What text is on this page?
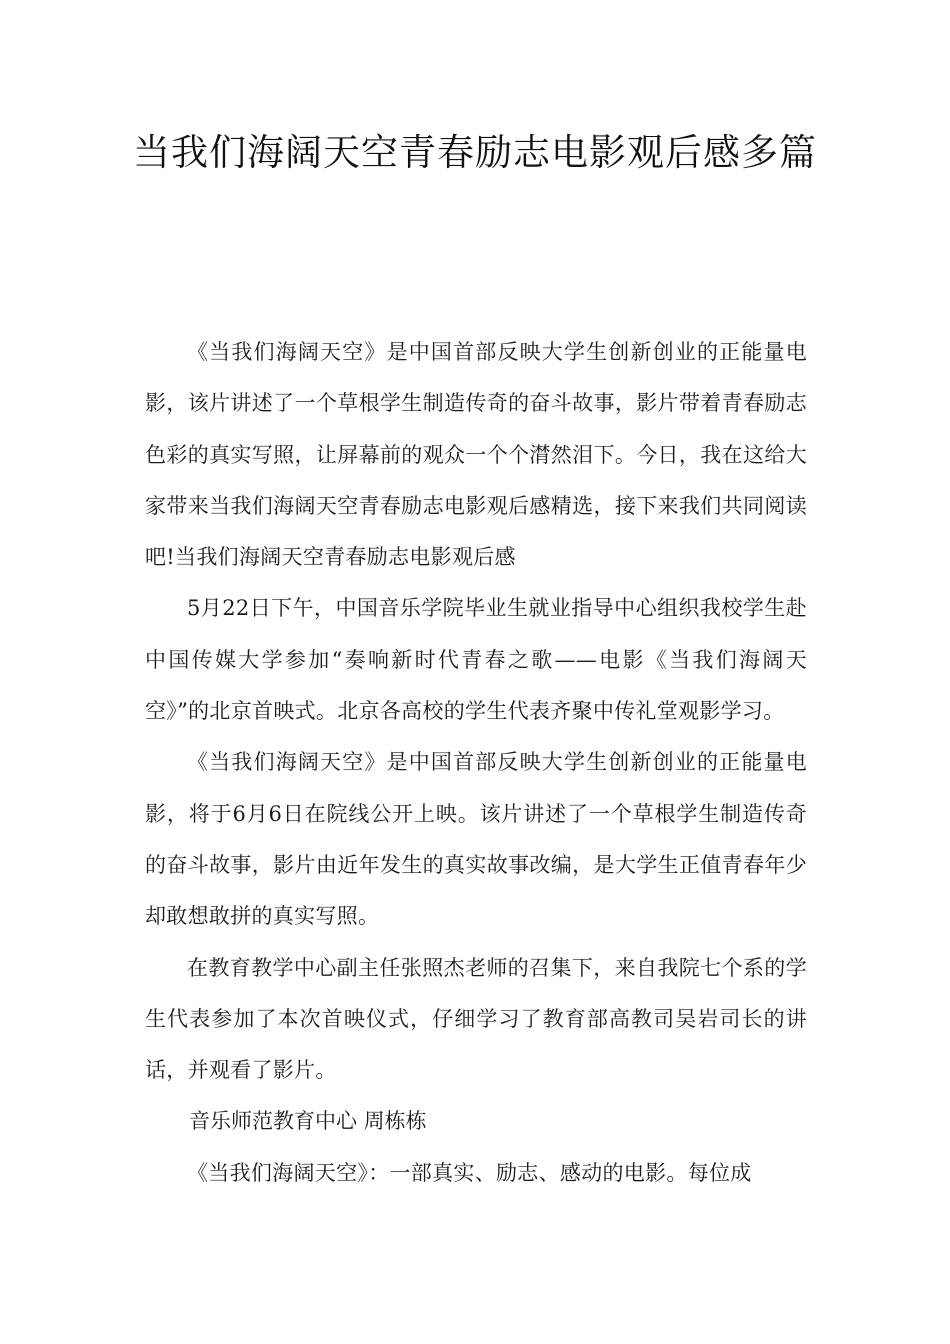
当我们海阔天空青春励志电影观后感多篇

《当我们海阔天空》是中国首部反映大学生创新创业的正能量电影，该片讲述了一个草根学生制造传奇的奋斗故事，影片带着青春励志色彩的真实写照，让屏幕前的观众一个个潸然泪下。今日，我在这给大家带来当我们海阔天空青春励志电影观后感精选，接下来我们共同阅读吧!当我们海阔天空青春励志电影观后感

5月22日下午，中国音乐学院毕业生就业指导中心组织我校学生赴中国传媒大学参加“奏响新时代青春之歌——电影《当我们海阔天空》”的北京首映式。北京各高校的学生代表齐聚中传礼堂观影学习。

《当我们海阔天空》是中国首部反映大学生创新创业的正能量电影，将于6月6日在院线公开上映。该片讲述了一个草根学生制造传奇的奋斗故事，影片由近年发生的真实故事改编，是大学生正值青春年少却敢想敢拼的真实写照。

在教育教学中心副主任张照杰老师的召集下，来自我院七个系的学生代表参加了本次首映仪式，仔细学习了教育部高教司吴岩司长的讲话，并观看了影片。

音乐师范教育中心 周栋栋

《当我们海阔天空》：一部真实、励志、感动的电影。每位成
